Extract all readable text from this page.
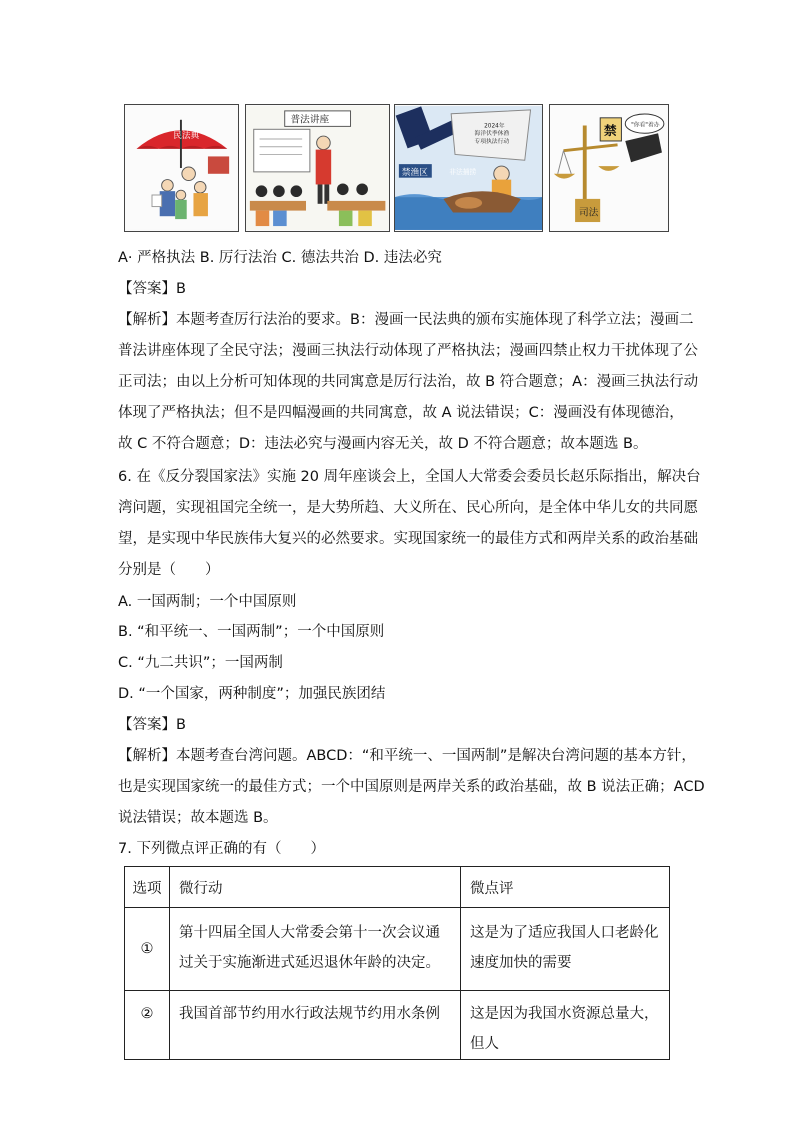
民法典
普法讲座
2024年
海洋伏季休渔
专项执法行动
禁渔区	非法捕捞
司法
禁 "你看"着办
A· 严格执法 B. 厉行法治 C. 德法共治 D. 违法必究
【答案】B
【解析】本题考查厉行法治的要求。B：漫画一民法典的颁布实施体现了科学立法；漫画二
普法讲座体现了全民守法；漫画三执法行动体现了严格执法；漫画四禁止权力干扰体现了公
正司法；由以上分析可知体现的共同寓意是厉行法治，故 B 符合题意；A：漫画三执法行动
体现了严格执法；但不是四幅漫画的共同寓意，故 A 说法错误；C：漫画没有体现德治，
故 C 不符合题意；D：违法必究与漫画内容无关，故 D 不符合题意；故本题选 B。
6. 在《反分裂国家法》实施 20 周年座谈会上，全国人大常委会委员长赵乐际指出，解决台
湾问题，实现祖国完全统一，是大势所趋、大义所在、民心所向，是全体中华儿女的共同愿
望，是实现中华民族伟大复兴的必然要求。实现国家统一的最佳方式和两岸关系的政治基础
分别是（　　）
A. 一国两制；一个中国原则
B. “和平统一、一国两制”；一个中国原则
C. “九二共识”；一国两制
D. “一个国家，两种制度”；加强民族团结
【答案】B
【解析】本题考查台湾问题。ABCD：“和平统一、一国两制”是解决台湾问题的基本方针，
也是实现国家统一的最佳方式；一个中国原则是两岸关系的政治基础，故 B 说法正确；ACD
说法错误；故本题选 B。
7. 下列微点评正确的有（　　）
选项	微行动	微点评
①	第十四届全国人大常委会第十一次会议通过关于实施渐进式延迟退休年龄的决定。	这是为了适应我国人口老龄化速度加快的需要
②	我国首部节约用水行政法规节约用水条例	这是因为我国水资源总量大，但人
